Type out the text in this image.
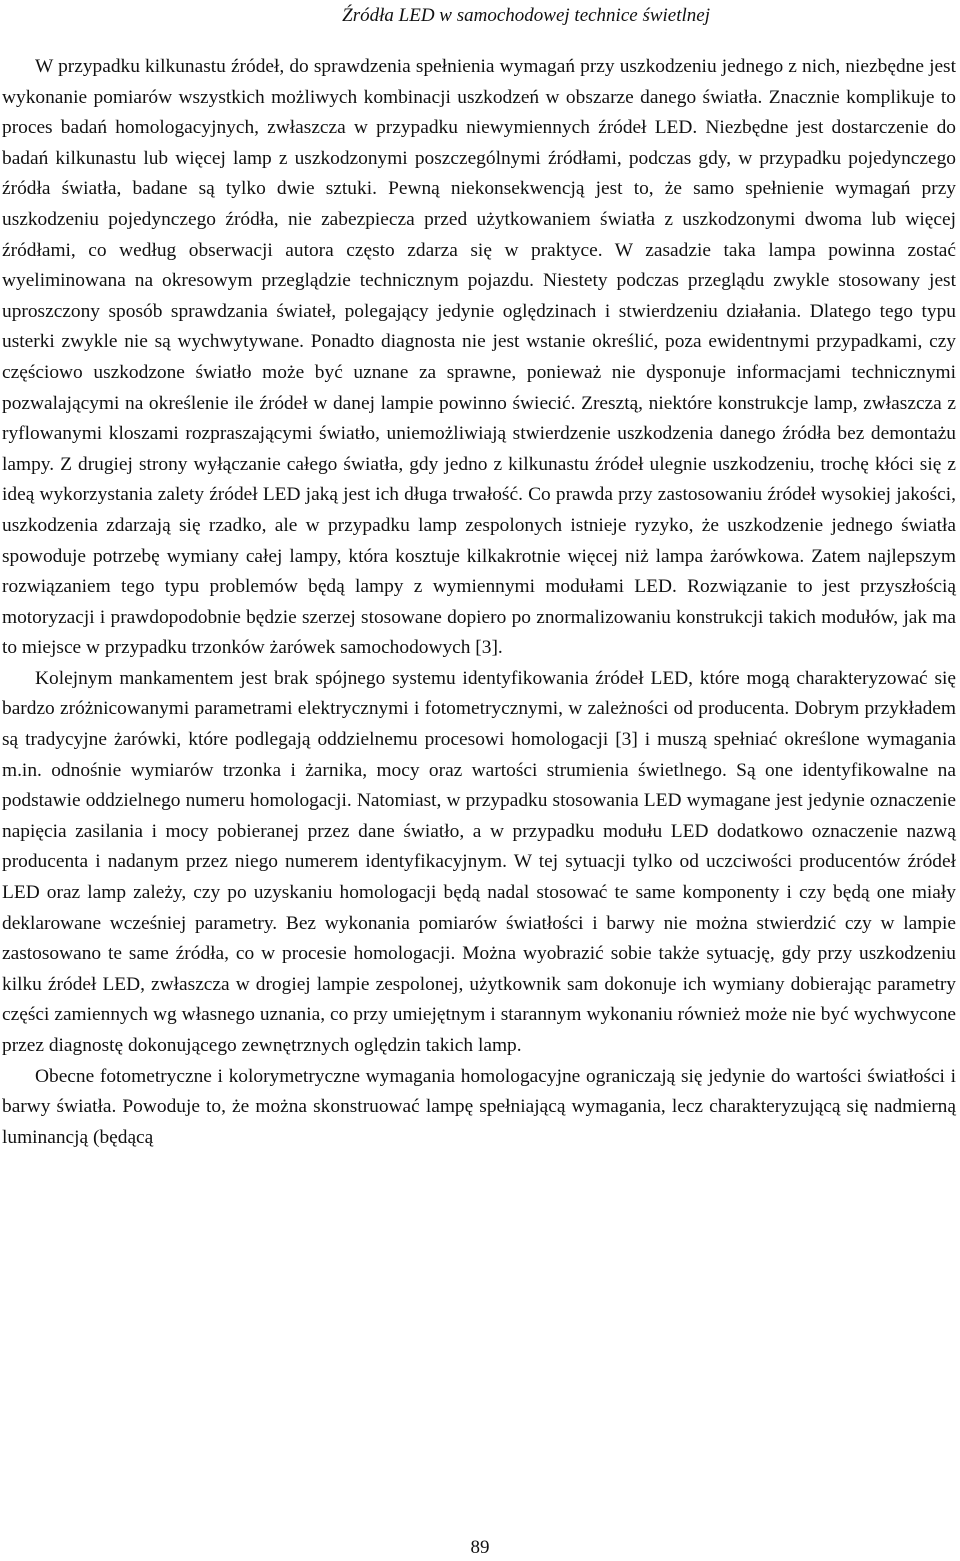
Źródła LED w samochodowej technice świetlnej

W przypadku kilkunastu źródeł, do sprawdzenia spełnienia wymagań przy uszkodzeniu jednego z nich, niezbędne jest wykonanie pomiarów wszystkich możliwych kombinacji uszkodzeń w obszarze danego światła. Znacznie komplikuje to proces badań homologacyjnych, zwłaszcza w przypadku niewymiennych źródeł LED. Niezbędne jest dostarczenie do badań kilkunastu lub więcej lamp z uszkodzonymi poszczególnymi źródłami, podczas gdy, w przypadku pojedynczego źródła światła, badane są tylko dwie sztuki. Pewną niekonsekwencją jest to, że samo spełnienie wymagań przy uszkodzeniu pojedynczego źródła, nie zabezpiecza przed użytkowaniem światła z uszkodzonymi dwoma lub więcej źródłami, co według obserwacji autora często zdarza się w praktyce. W zasadzie taka lampa powinna zostać wyeliminowana na okresowym przeglądzie technicznym pojazdu. Niestety podczas przeglądu zwykle stosowany jest uproszczony sposób sprawdzania świateł, polegający jedynie oględzinach i stwierdzeniu działania. Dlatego tego typu usterki zwykle nie są wychwytywane. Ponadto diagnosta nie jest wstanie określić, poza ewidentnymi przypadkami, czy częściowo uszkodzone światło może być uznane za sprawne, ponieważ nie dysponuje informacjami technicznymi pozwalającymi na określenie ile źródeł w danej lampie powinno świecić. Zresztą, niektóre konstrukcje lamp, zwłaszcza z ryflowanymi kloszami rozpraszającymi światło, uniemożliwiają stwierdzenie uszkodzenia danego źródła bez demontażu lampy. Z drugiej strony wyłączanie całego światła, gdy jedno z kilkunastu źródeł ulegnie uszkodzeniu, trochę kłóci się z ideą wykorzystania zalety źródeł LED jaką jest ich długa trwałość. Co prawda przy zastosowaniu źródeł wysokiej jakości, uszkodzenia zdarzają się rzadko, ale w przypadku lamp zespolonych istnieje ryzyko, że uszkodzenie jednego światła spowoduje potrzebę wymiany całej lampy, która kosztuje kilkakrotnie więcej niż lampa żarówkowa. Zatem najlepszym rozwiązaniem tego typu problemów będą lampy z wymiennymi modułami LED. Rozwiązanie to jest przyszłością motoryzacji i prawdopodobnie będzie szerzej stosowane dopiero po znormalizowaniu konstrukcji takich modułów, jak ma to miejsce w przypadku trzonków żarówek samochodowych [3].

Kolejnym mankamentem jest brak spójnego systemu identyfikowania źródeł LED, które mogą charakteryzować się bardzo zróżnicowanymi parametrami elektrycznymi i fotometrycznymi, w zależności od producenta. Dobrym przykładem są tradycyjne żarówki, które podlegają oddzielnemu procesowi homologacji [3] i muszą spełniać określone wymagania m.in. odnośnie wymiarów trzonka i żarnika, mocy oraz wartości strumienia świetlnego. Są one identyfikowalne na podstawie oddzielnego numeru homologacji. Natomiast, w przypadku stosowania LED wymagane jest jedynie oznaczenie napięcia zasilania i mocy pobieranej przez dane światło, a w przypadku modułu LED dodatkowo oznaczenie nazwą producenta i nadanym przez niego numerem identyfikacyjnym. W tej sytuacji tylko od uczciwości producentów źródeł LED oraz lamp zależy, czy po uzyskaniu homologacji będą nadal stosować te same komponenty i czy będą one miały deklarowane wcześniej parametry. Bez wykonania pomiarów światłości i barwy nie można stwierdzić czy w lampie zastosowano te same źródła, co w procesie homologacji. Można wyobrazić sobie także sytuację, gdy przy uszkodzeniu kilku źródeł LED, zwłaszcza w drogiej lampie zespolonej, użytkownik sam dokonuje ich wymiany dobierając parametry części zamiennych wg własnego uznania, co przy umiejętnym i starannym wykonaniu również może nie być wychwycone przez diagnostę dokonującego zewnętrznych oględzin takich lamp.

Obecne fotometryczne i kolorymetryczne wymagania homologacyjne ograniczają się jedynie do wartości światłości i barwy światła. Powoduje to, że można skonstruować lampę spełniającą wymagania, lecz charakteryzującą się nadmierną luminancją (będącą

89
